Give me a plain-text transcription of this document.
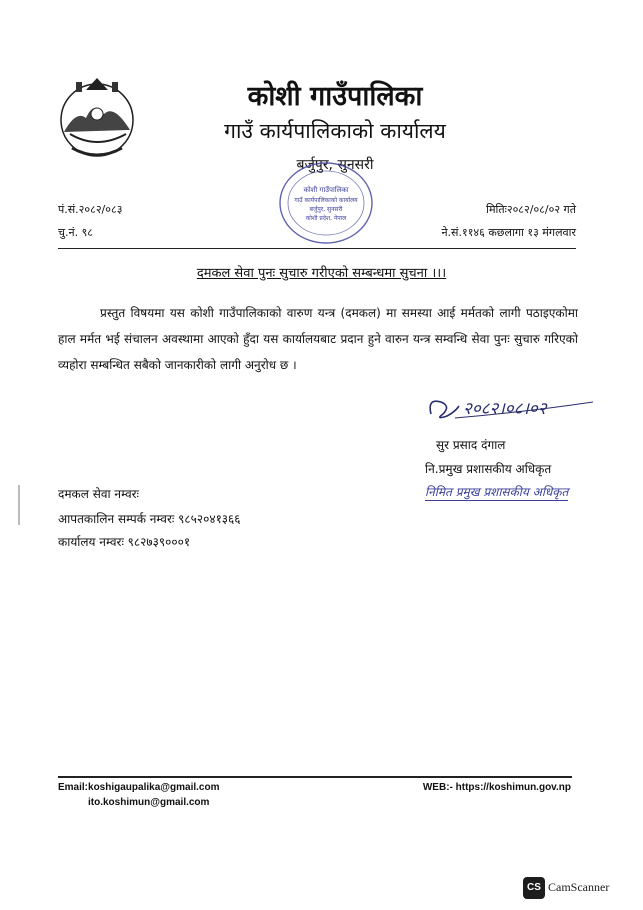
कोशी गाउँपालिका
गाउँ कार्यपालिकाको कार्यालय
बर्जुपुर, सुनसरी
कोशी गाउँपालिका
गाउँ कार्यपालिकाको कार्यालय
बर्जुपुर, सुनसरी
कोशी प्रदेश, नेपाल
पं.सं.२०८२/०८३
चु.नं. ९८
मितिः२०८२/०८/०२ गते
ने.सं.११४६ कछलागा १३ मंगलवार
दमकल सेवा पुनः सुचारु गरीएको सम्बन्धमा सुचना ।।।
प्रस्तुत विषयमा यस कोशी गाउँपालिकाको वारुण यन्त्र (दमकल) मा समस्या आई मर्मतको लागी पठाइएकोमा हाल मर्मत भई संचालन अवस्थामा आएको हुँदा यस कार्यालयबाट प्रदान हुने वारुन यन्त्र सम्वन्धि सेवा पुनः सुचारु गरिएको व्यहोरा सम्बन्धित सबैको जानकारीको लागी अनुरोध छ ।
२०८२।०८।०२
सुर प्रसाद दंगाल
नि.प्रमुख प्रशासकीय अधिकृत
निमित प्रमुख प्रशासकीय अधिकृत
दमकल सेवा नम्वरः
आपतकालिन सम्पर्क नम्वरः ९८५२०४१३६६
कार्यालय नम्वरः ९८२७३९०००१
Email:koshigaupalika@gmail.com
ito.koshimun@gmail.com
WEB:- https://koshimun.gov.np
CS CamScanner
